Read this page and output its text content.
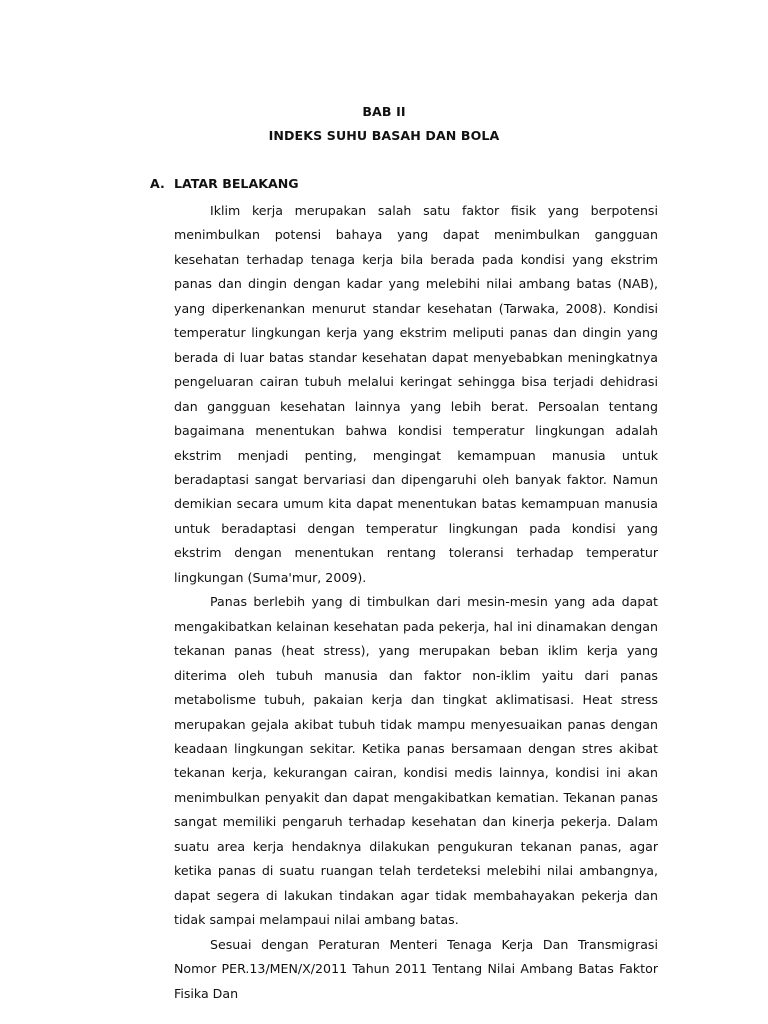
BAB II
INDEKS SUHU BASAH DAN BOLA
A. LATAR BELAKANG

Iklim kerja merupakan salah satu faktor fisik yang berpotensi menimbulkan potensi bahaya yang dapat menimbulkan gangguan kesehatan terhadap tenaga kerja bila berada pada kondisi yang ekstrim panas dan dingin dengan kadar yang melebihi nilai ambang batas (NAB), yang diperkenankan menurut standar kesehatan (Tarwaka, 2008). Kondisi temperatur lingkungan kerja yang ekstrim meliputi panas dan dingin yang berada di luar batas standar kesehatan dapat menyebabkan meningkatnya pengeluaran cairan tubuh melalui keringat sehingga bisa terjadi dehidrasi dan gangguan kesehatan lainnya yang lebih berat. Persoalan tentang bagaimana menentukan bahwa kondisi temperatur lingkungan adalah ekstrim menjadi penting, mengingat kemampuan manusia untuk beradaptasi sangat bervariasi dan dipengaruhi oleh banyak faktor. Namun demikian secara umum kita dapat menentukan batas kemampuan manusia untuk beradaptasi dengan temperatur lingkungan pada kondisi yang ekstrim dengan menentukan rentang toleransi terhadap temperatur lingkungan (Suma'mur, 2009).

Panas berlebih yang di timbulkan dari mesin-mesin yang ada dapat mengakibatkan kelainan kesehatan pada pekerja, hal ini dinamakan dengan tekanan panas (heat stress), yang merupakan beban iklim kerja yang diterima oleh tubuh manusia dan faktor non-iklim yaitu dari panas metabolisme tubuh, pakaian kerja dan tingkat aklimatisasi. Heat stress merupakan gejala akibat tubuh tidak mampu menyesuaikan panas dengan keadaan lingkungan sekitar. Ketika panas bersamaan dengan stres akibat tekanan kerja, kekurangan cairan, kondisi medis lainnya, kondisi ini akan menimbulkan penyakit dan dapat mengakibatkan kematian. Tekanan panas sangat memiliki pengaruh terhadap kesehatan dan kinerja pekerja. Dalam suatu area kerja hendaknya dilakukan pengukuran tekanan panas, agar ketika panas di suatu ruangan telah terdeteksi melebihi nilai ambangnya, dapat segera di lakukan tindakan agar tidak membahayakan pekerja dan tidak sampai melampaui nilai ambang batas.

Sesuai dengan Peraturan Menteri Tenaga Kerja Dan Transmigrasi Nomor PER.13/MEN/X/2011 Tahun 2011 Tentang Nilai Ambang Batas Faktor Fisika Dan
